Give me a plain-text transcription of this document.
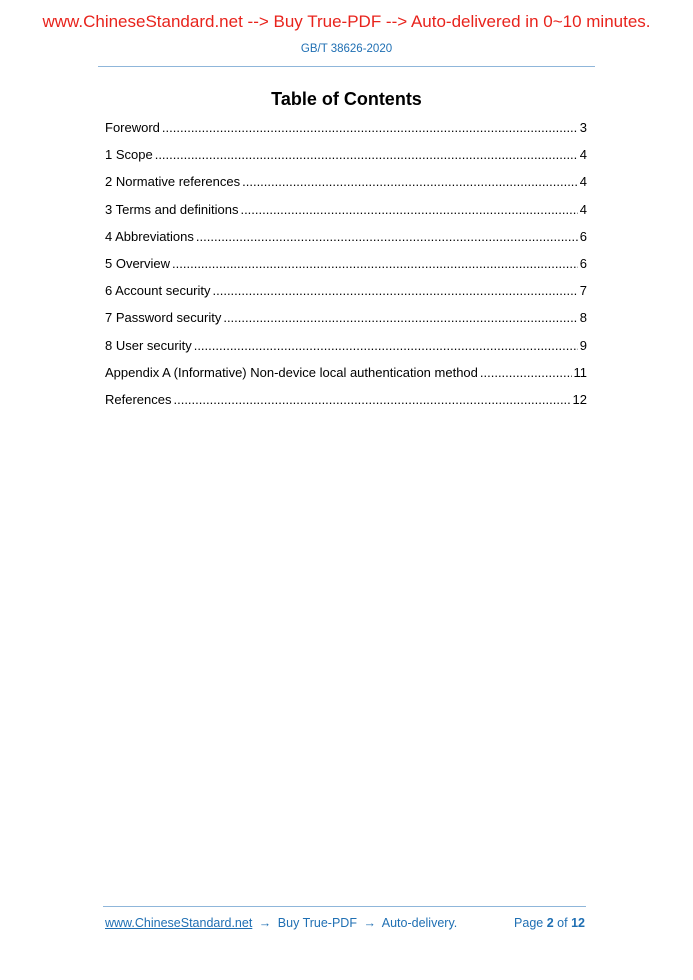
www.ChineseStandard.net --> Buy True-PDF --> Auto-delivered in 0~10 minutes.
GB/T 38626-2020
Table of Contents
Foreword .....	3
1 Scope .....	4
2 Normative references .....	4
3 Terms and definitions .....	4
4 Abbreviations .....	6
5 Overview .....	6
6 Account security .....	7
7 Password security .....	8
8 User security .....	9
Appendix A (Informative) Non-device local authentication method .....	11
References .....	12
www.ChineseStandard.net → Buy True-PDF → Auto-delivery.	Page 2 of 12
